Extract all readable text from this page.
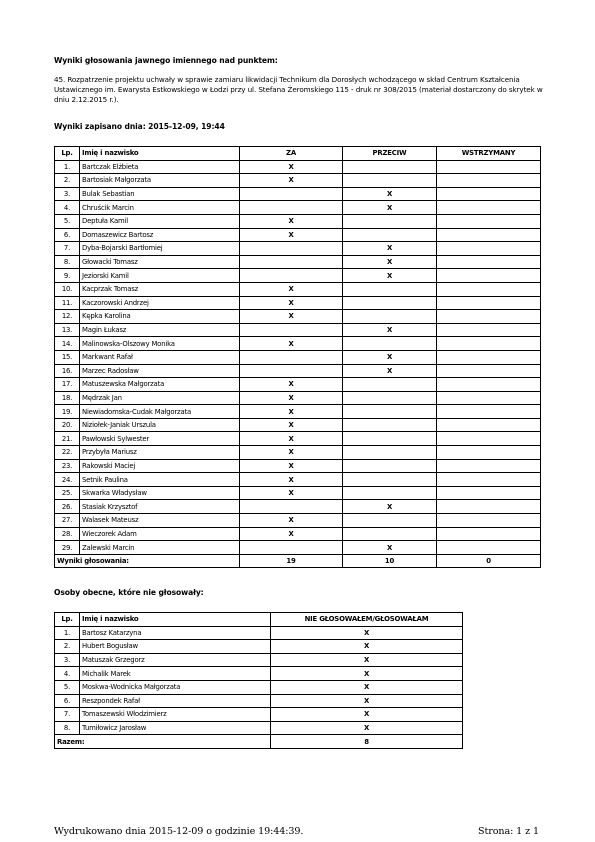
Wyniki głosowania jawnego imiennego nad punktem:
45. Rozpatrzenie projektu uchwały w sprawie zamiaru likwidacji Technikum dla Dorosłych wchodzącego w skład Centrum Kształcenia Ustawicznego im. Ewarysta Estkowskiego w Łodzi przy ul. Stefana Żeromskiego 115 - druk nr 308/2015 (materiał dostarczony do skrytek w dniu 2.12.2015 r.).
Wyniki zapisano dnia: 2015-12-09, 19:44
Lp.	Imię i nazwisko	ZA	PRZECIW	WSTRZYMANY
1.	Bartczak Elżbieta	X		
2.	Bartosiak Małgorzata	X		
3.	Bulak Sebastian		X	
4.	Chruścik Marcin		X	
5.	Deptuła Kamil	X		
6.	Domaszewicz Bartosz	X		
7.	Dyba-Bojarski Bartłomiej		X	
8.	Głowacki Tomasz		X	
9.	Jeziorski Kamil		X	
10.	Kacprzak Tomasz	X		
11.	Kaczorowski Andrzej	X		
12.	Kępka Karolina	X		
13.	Magin Łukasz		X	
14.	Malinowska-Olszowy Monika	X		
15.	Markwant Rafał		X	
16.	Marzec Radosław		X	
17.	Matuszewska Małgorzata	X		
18.	Mędrzak Jan	X		
19.	Niewiadomska-Cudak Małgorzata	X		
20.	Niziołek-Janiak Urszula	X		
21.	Pawłowski Sylwester	X		
22.	Przybyła Mariusz	X		
23.	Rakowski Maciej	X		
24.	Setnik Paulina	X		
25.	Skwarka Władysław	X		
26.	Stasiak Krzysztof		X	
27.	Walasek Mateusz	X		
28.	Wieczorek Adam	X		
29.	Zalewski Marcin		X	
Wyniki głosowania:		19	10	0
Osoby obecne, które nie głosowały:
Lp.	Imię i nazwisko	NIE GŁOSOWAŁEM/GŁOSOWAŁAM
1.	Bartosz Katarzyna	X
2.	Hubert Bogusław	X
3.	Matuszak Grzegorz	X
4.	Michalik Marek	X
5.	Moskwa-Wodnicka Małgorzata	X
6.	Reszpondek Rafał	X
7.	Tomaszewski Włodzimierz	X
8.	Tumiłowicz Jarosław	X
Razem:		8
Wydrukowano dnia 2015-12-09 o godzinie 19:44:39.	Strona: 1 z 1
